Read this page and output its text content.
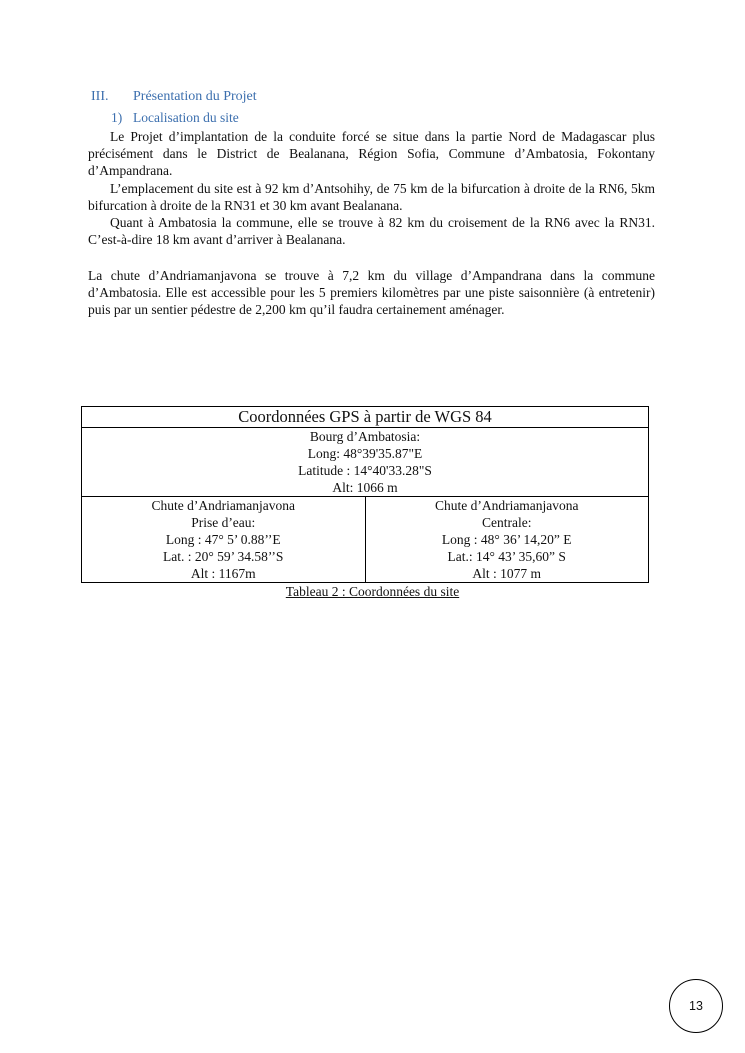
III. Présentation du Projet
1) Localisation du site

Le Projet d’implantation de la conduite forcé se situe dans la partie Nord de Madagascar plus précisément dans le District de Bealanana, Région Sofia, Commune d’Ambatosia, Fokontany d’Ampandrana.

L’emplacement du site est à 92 km d’Antsohihy, de 75 km de la bifurcation à droite de la RN6, 5km bifurcation à droite de la RN31 et 30 km avant Bealanana.

Quant à Ambatosia la commune, elle se trouve à 82 km du croisement de la RN6 avec la RN31. C’est-à-dire 18 km avant d’arriver à Bealanana.

La chute d’Andriamanjavona se trouve à 7,2 km du village d’Ampandrana dans la commune d’Ambatosia. Elle est accessible pour les 5 premiers kilomètres par une piste saisonnière (à entretenir) puis par un sentier pédestre de 2,200 km qu’il faudra certainement aménager.

Coordonnées GPS à partir de WGS 84

Bourg d’Ambatosia:
Long: 48°39'35.87"E
Latitude : 14°40'33.28"S
Alt: 1066 m

Chute d’Andriamanjavona
Prise d’eau:
Long : 47° 5’ 0.88’’E
Lat. : 20° 59’ 34.58’’S
Alt : 1167m

Chute d’Andriamanjavona
Centrale:
Long : 48° 36’ 14,20” E
Lat.: 14° 43’ 35,60” S
Alt : 1077 m
Tableau 2 : Coordonnées du site
13
